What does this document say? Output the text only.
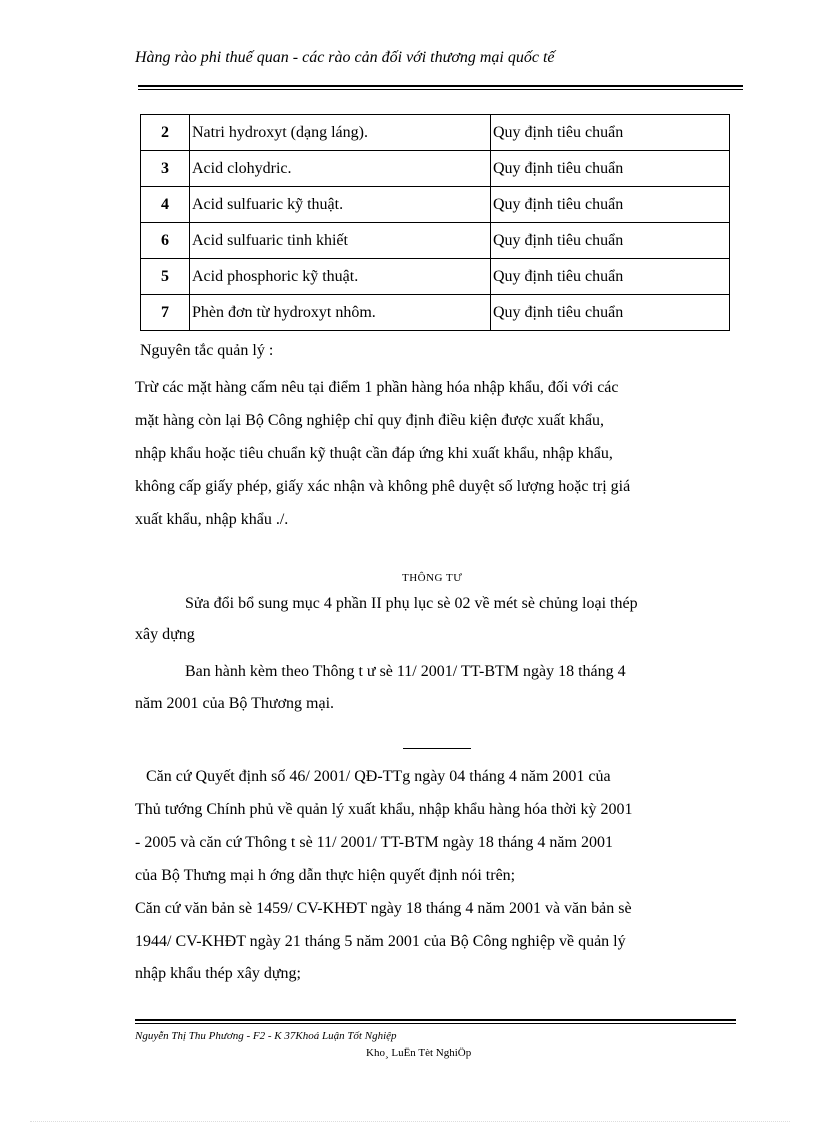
Hàng rào phi thuế quan - các rào cản đối với thương mại quốc tế
2	Natri hydroxyt (dạng láng).	Quy định tiêu chuẩn
3	Acid clohydric.	Quy định tiêu chuẩn
4	Acid sulfuaric kỹ thuật.	Quy định tiêu chuẩn
6	Acid sulfuaric tinh khiết	Quy định tiêu chuẩn
5	Acid phosphoric kỹ thuật.	Quy định tiêu chuẩn
7	Phèn đơn từ hydroxyt nhôm.	Quy định tiêu chuẩn
Nguyên tắc quản lý :
Trừ các mặt hàng cấm nêu tại điểm 1 phần hàng hóa nhập khẩu, đối với các
mặt hàng còn lại Bộ Công nghiệp chỉ quy định điều kiện được xuất khẩu,
nhập khẩu hoặc tiêu chuẩn kỹ thuật cần đáp ứng khi xuất khẩu, nhập khẩu,
không cấp giấy phép, giấy xác nhận và không phê duyệt số lượng hoặc trị giá
xuất khẩu, nhập khẩu ./.
THÔNG TƯ
Sửa đổi bổ sung mục 4 phần II phụ lục sè 02 về mét sè chủng loại thép
xây dựng
Ban hành kèm theo Thông t ư sè 11/ 2001/ TT-BTM ngày 18 tháng 4
năm 2001 của Bộ Thương mại.
Căn cứ Quyết định số 46/ 2001/ QĐ-TTg ngày 04 tháng 4 năm 2001 của
Thủ tướng Chính phủ về quản lý xuất khẩu, nhập khẩu hàng hóa thời kỳ 2001
- 2005 và căn cứ Thông t sè 11/ 2001/ TT-BTM ngày 18 tháng 4 năm 2001
của Bộ Thưng mại h ớng dẫn thực hiện quyết định nói trên;
Căn cứ văn bản sè 1459/ CV-KHĐT ngày 18 tháng 4 năm 2001 và văn bản sè
1944/ CV-KHĐT ngày 21 tháng 5 năm 2001 của Bộ Công nghiệp về quản lý
nhập khẩu thép xây dựng;
Nguyễn Thị Thu Phương - F2 - K 37Khoá Luận Tốt Nghiệp
Kho¸ LuËn Tèt NghiÖp
